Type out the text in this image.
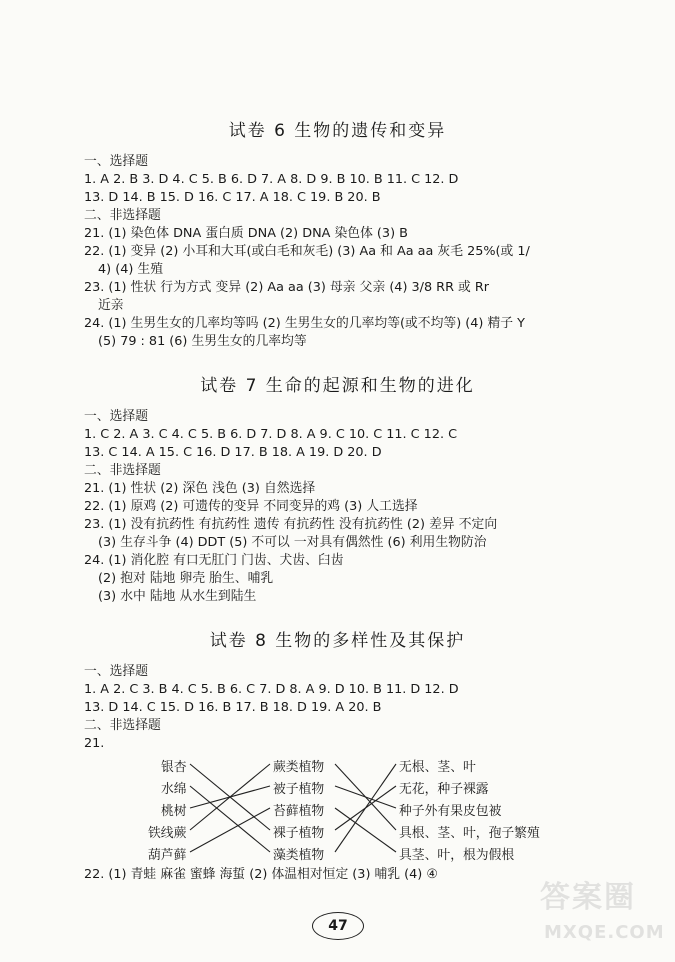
试卷 6 生物的遗传和变异
一、选择题
1. A 2. B 3. D 4. C 5. B 6. D 7. A 8. D 9. B 10. B 11. C 12. D
13. D 14. B 15. D 16. C 17. A 18. C 19. B 20. B
二、非选择题
21. (1) 染色体 DNA 蛋白质 DNA (2) DNA 染色体 (3) B
22. (1) 变异 (2) 小耳和大耳(或白毛和灰毛) (3) Aa 和 Aa aa 灰毛 25%(或 1/
4) (4) 生殖
23. (1) 性状 行为方式 变异 (2) Aa aa (3) 母亲 父亲 (4) 3/8 RR 或 Rr
近亲
24. (1) 生男生女的几率均等吗 (2) 生男生女的几率均等(或不均等) (4) 精子 Y
(5) 79 : 81 (6) 生男生女的几率均等
试卷 7 生命的起源和生物的进化
一、选择题
1. C 2. A 3. C 4. C 5. B 6. D 7. D 8. A 9. C 10. C 11. C 12. C
13. C 14. A 15. C 16. D 17. B 18. A 19. D 20. D
二、非选择题
21. (1) 性状 (2) 深色 浅色 (3) 自然选择
22. (1) 原鸡 (2) 可遗传的变异 不同变异的鸡 (3) 人工选择
23. (1) 没有抗药性 有抗药性 遗传 有抗药性 没有抗药性 (2) 差异 不定向
(3) 生存斗争 (4) DDT (5) 不可以 一对具有偶然性 (6) 利用生物防治
24. (1) 消化腔 有口无肛门 门齿、犬齿、臼齿
(2) 抱对 陆地 卵壳 胎生、哺乳
(3) 水中 陆地 从水生到陆生
试卷 8 生物的多样性及其保护
一、选择题
1. A 2. C 3. B 4. C 5. B 6. C 7. D 8. A 9. D 10. B 11. D 12. D
13. D 14. C 15. D 16. B 17. B 18. D 19. A 20. B
二、非选择题
21.
银杏
水绵
桃树
铁线蕨
葫芦藓
蕨类植物
被子植物
苔藓植物
裸子植物
藻类植物
无根、茎、叶
无花，种子裸露
种子外有果皮包被
具根、茎、叶，孢子繁殖
具茎、叶，根为假根
22. (1) 青蛙 麻雀 蜜蜂 海蜇 (2) 体温相对恒定 (3) 哺乳 (4) ④
47
答案圈
MXQE.COM
